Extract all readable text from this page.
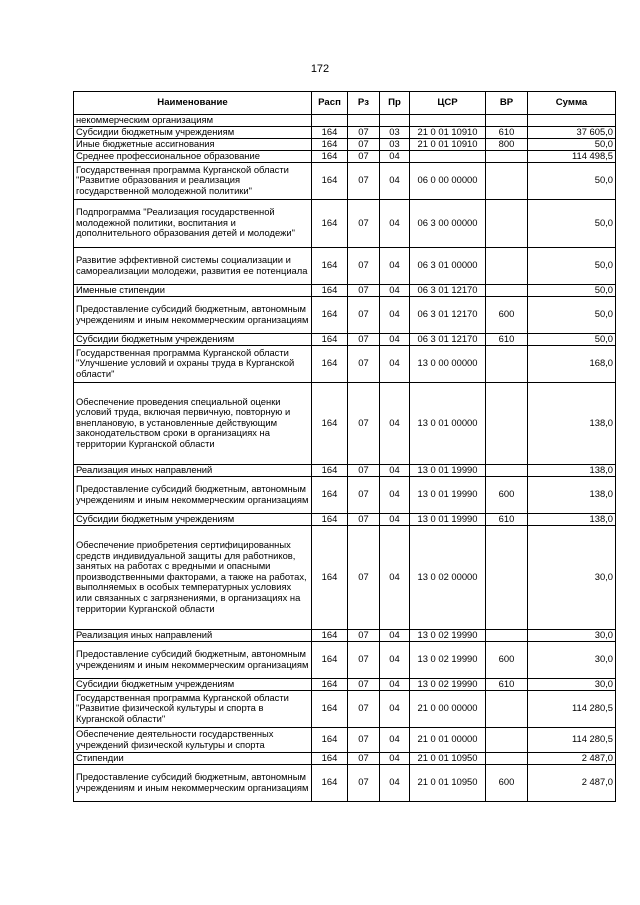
172
Наименование	Расп	Рз	Пр	ЦСР	ВР	Сумма
некоммерческим организациям						
Субсидии бюджетным учреждениям	164	07	03	21 0 01 10910	610	37 605,0
Иные бюджетные ассигнования	164	07	03	21 0 01 10910	800	50,0
Среднее профессиональное образование	164	07	04			114 498,5
Государственная программа Курганской области "Развитие образования и реализация государственной молодежной политики"	164	07	04	06 0 00 00000		50,0
Подпрограмма "Реализация государственной молодежной политики, воспитания и дополнительного образования детей и молодежи"	164	07	04	06 3 00 00000		50,0
Развитие эффективной системы социализации и самореализации молодежи, развития ее потенциала	164	07	04	06 3 01 00000		50,0
Именные стипендии	164	07	04	06 3 01 12170		50,0
Предоставление субсидий бюджетным, автономным учреждениям и иным некоммерческим организациям	164	07	04	06 3 01 12170	600	50,0
Субсидии бюджетным учреждениям	164	07	04	06 3 01 12170	610	50,0
Государственная программа Курганской области "Улучшение условий и охраны труда в Курганской области"	164	07	04	13 0 00 00000		168,0
Обеспечение проведения специальной оценки условий труда, включая первичную, повторную и внеплановую, в установленные действующим законодательством сроки в организациях на территории Курганской области	164	07	04	13 0 01 00000		138,0
Реализация иных направлений	164	07	04	13 0 01 19990		138,0
Предоставление субсидий бюджетным, автономным учреждениям и иным некоммерческим организациям	164	07	04	13 0 01 19990	600	138,0
Субсидии бюджетным учреждениям	164	07	04	13 0 01 19990	610	138,0
Обеспечение приобретения сертифицированных средств индивидуальной защиты для работников, занятых на работах с вредными и опасными производственными факторами, а также на работах, выполняемых в особых температурных условиях или связанных с загрязнениями, в организациях на территории Курганской области	164	07	04	13 0 02 00000		30,0
Реализация иных направлений	164	07	04	13 0 02 19990		30,0
Предоставление субсидий бюджетным, автономным учреждениям и иным некоммерческим организациям	164	07	04	13 0 02 19990	600	30,0
Субсидии бюджетным учреждениям	164	07	04	13 0 02 19990	610	30,0
Государственная программа Курганской области "Развитие физической культуры и спорта в Курганской области"	164	07	04	21 0 00 00000		114 280,5
Обеспечение деятельности государственных учреждений физической культуры и спорта	164	07	04	21 0 01 00000		114 280,5
Стипендии	164	07	04	21 0 01 10950		2 487,0
Предоставление субсидий бюджетным, автономным учреждениям и иным некоммерческим организациям	164	07	04	21 0 01 10950	600	2 487,0
